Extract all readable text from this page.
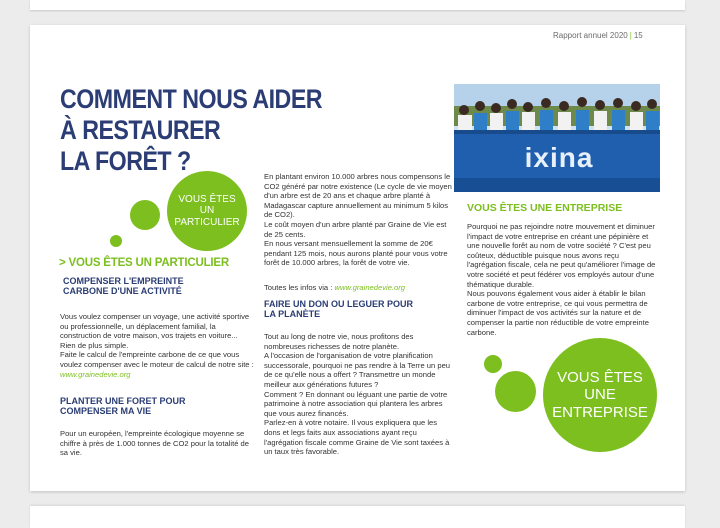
Rapport annuel 2020 | 15
COMMENT NOUS AIDER
À RESTAURER
LA FORÊT ?
VOUS ÊTES
UN PARTICULIER
> VOUS ÊTES UN PARTICULIER
COMPENSER L'EMPREINTE CARBONE D'UNE ACTIVITÉ

Vous voulez compenser un voyage, une activité sportive ou professionnelle, un déplacement familial, la construction de votre maison, vos trajets en voiture... Rien de plus simple.

Faite le calcul de l'empreinte carbone de ce que vous voulez compenser avec le moteur de calcul de notre site : www.grainedevie.org

PLANTER UNE FORET POUR COMPENSER MA VIE

Pour un européen, l'empreinte écologique moyenne se chiffre à près de 1.000 tonnes de CO2 pour la totalité de sa vie.

En plantant environ 10.000 arbres nous compensons le CO2 généré par notre existence (Le cycle de vie moyen d'un arbre est de 20 ans et chaque arbre planté à Madagascar capture annuellement au minimum 5 kilos de CO2).

Le coût moyen d'un arbre planté par Graine de Vie est de 25 cents.

En nous versant mensuellement la somme de 20€ pendant 125 mois, nous aurons planté pour vous votre forêt de 10.000 arbres, la forêt de votre vie.

Toutes les infos via : www.grainedevie.org

FAIRE UN DON OU LEGUER POUR LA PLANÈTE

Tout au long de notre vie, nous profitons des nombreuses richesses de notre planète.

A l'occasion de l'organisation de votre planification successorale, pourquoi ne pas rendre à la Terre un peu de ce qu'elle nous a offert ? Transmettre un monde meilleur aux générations futures ?

Comment ? En donnant ou léguant une partie de votre patrimoine à notre association qui plantera les arbres que vous aurez financés.

Parlez-en à votre notaire. Il vous expliquera que les dons et legs faits aux associations ayant reçu l'agrégation fiscale comme Graine de Vie sont taxées à un taux très favorable.

ixina
VOUS ÊTES UNE ENTREPRISE

Pourquoi ne pas rejoindre notre mouvement et diminuer l'impact de votre entreprise en créant une pépinière et une nouvelle forêt au nom de votre société ? C'est peu coûteux, déductible puisque nous avons reçu l'agrégation fiscale, cela ne peut qu'améliorer l'image de votre société et peut fédérer vos employés autour d'une thématique durable.

Nous pouvons également vous aider à établir le bilan carbone de votre entreprise, ce qui vous permettra de diminuer l'impact de vos activités sur la nature et de compenser la partie non réductible de votre empreinte carbone.

VOUS ÊTES
UNE ENTREPRISE
